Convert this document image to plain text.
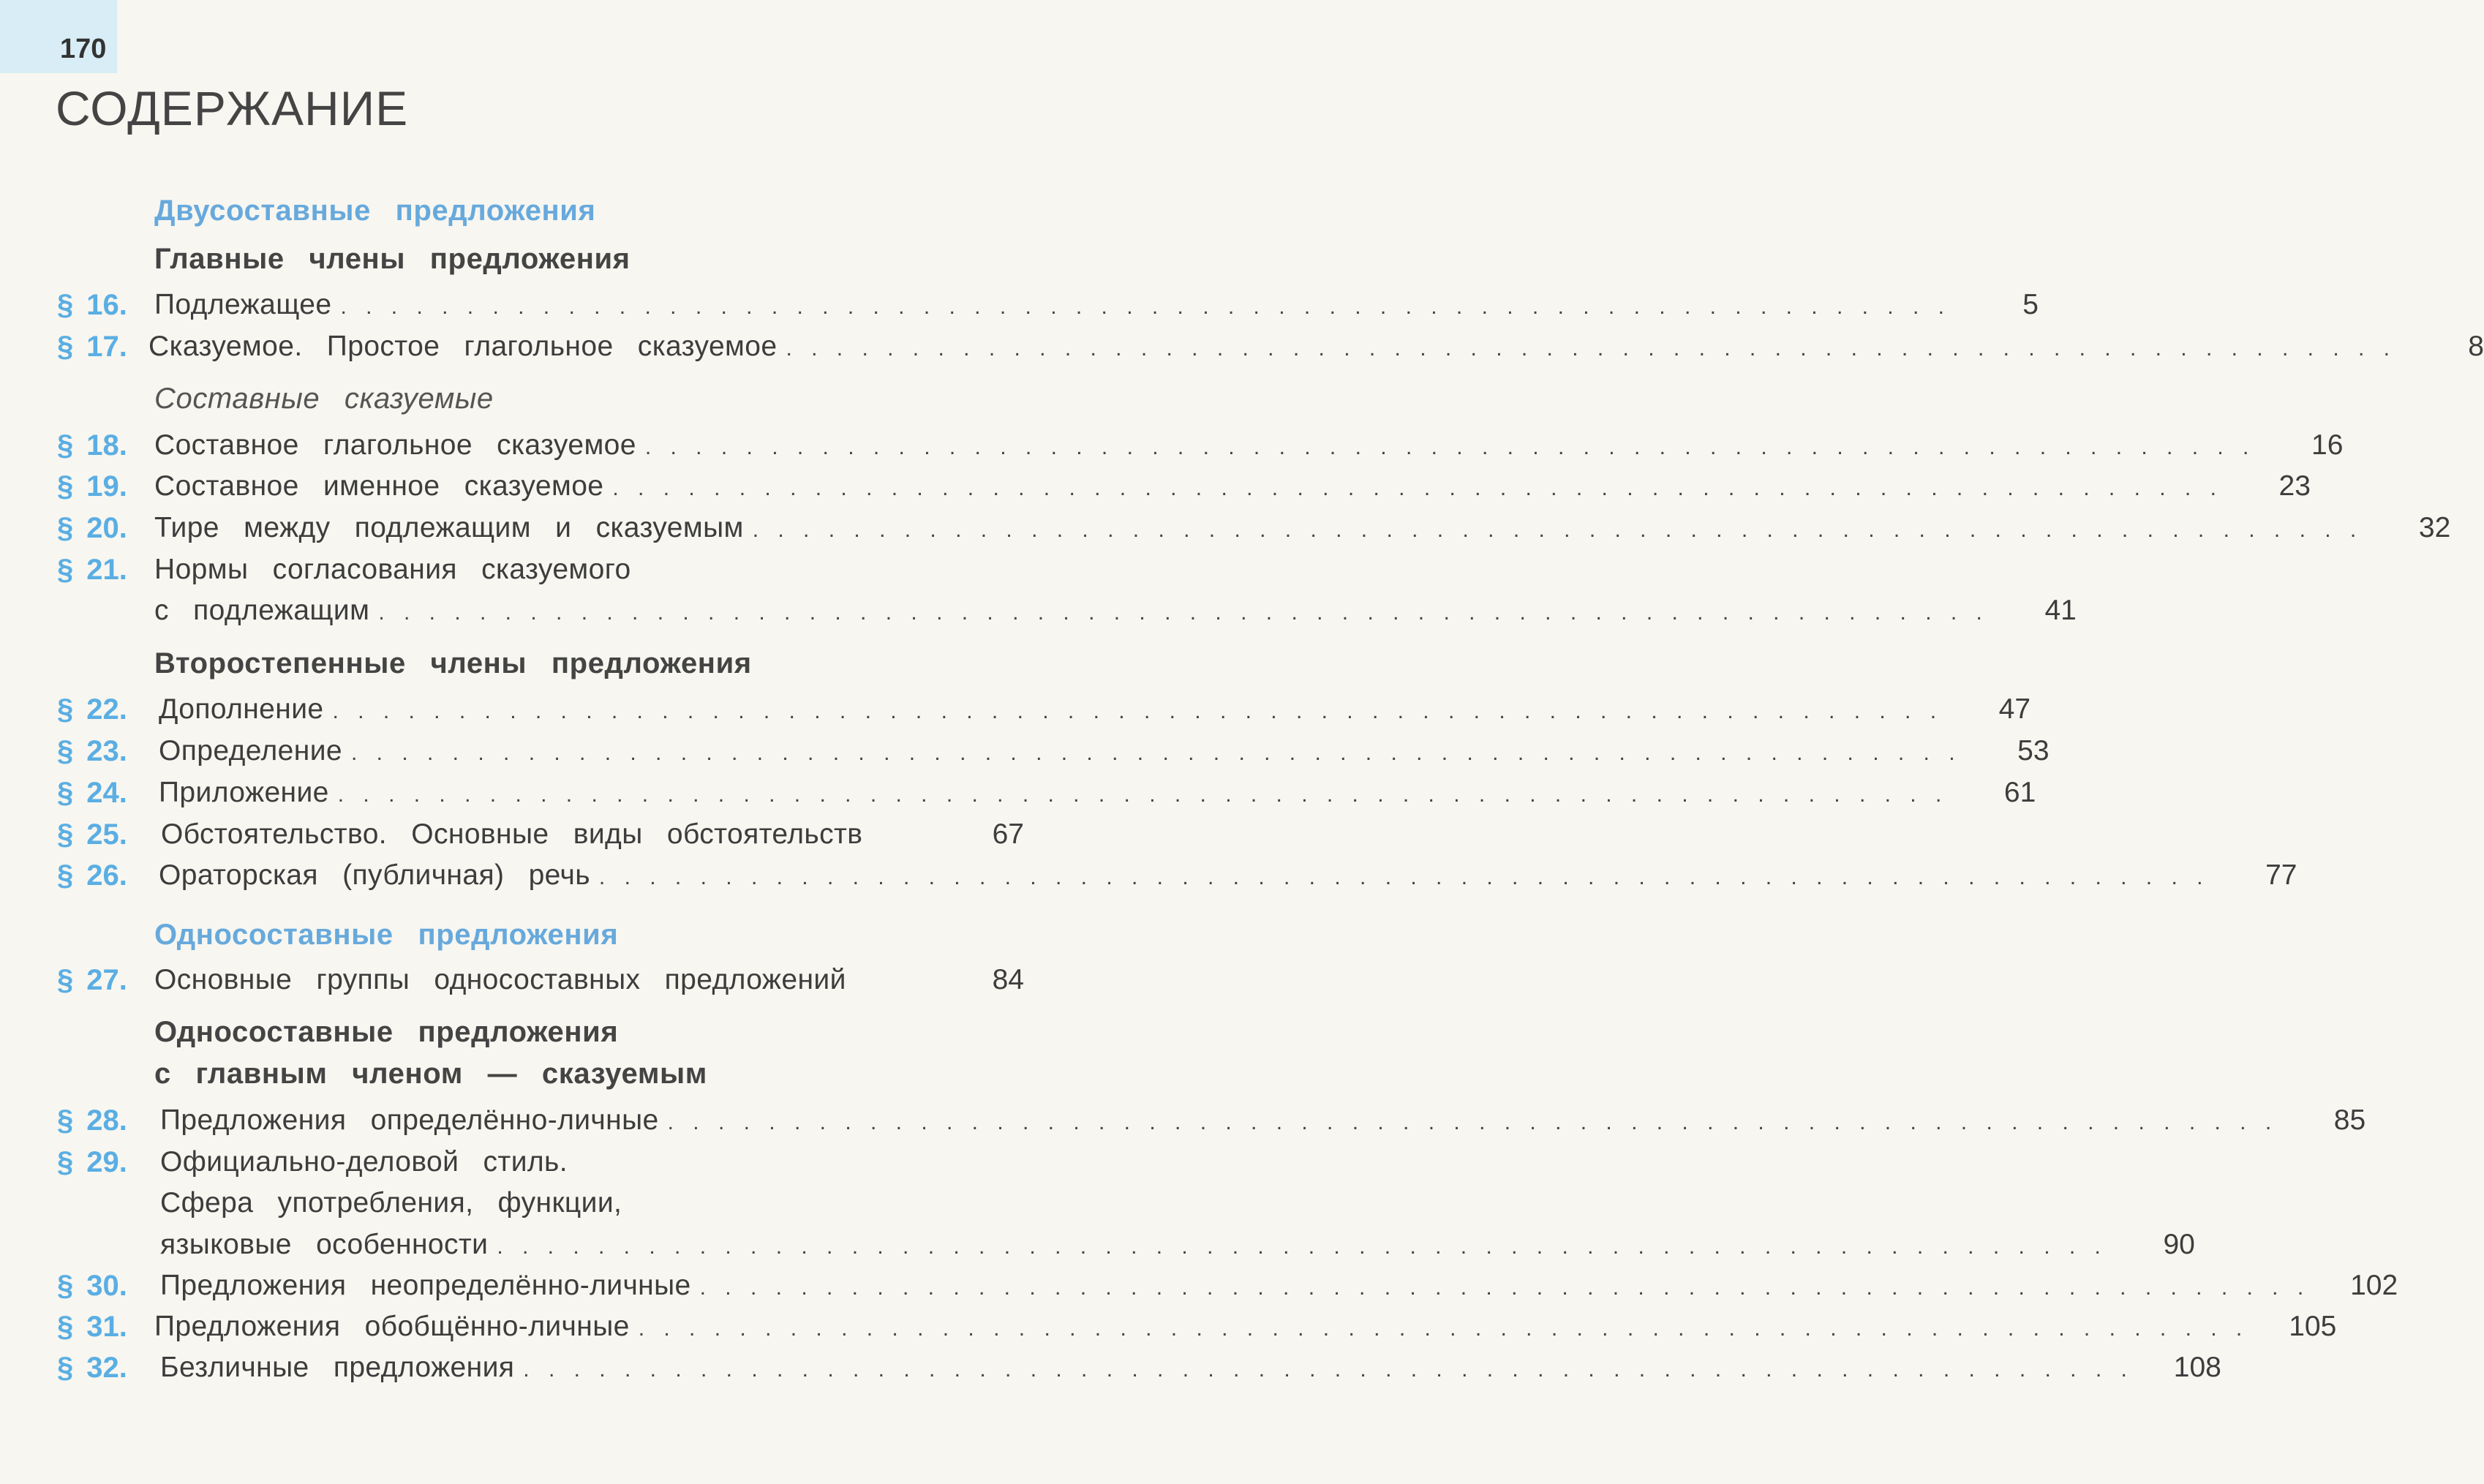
170
СОДЕРЖАНИЕ
Двусоставные предложения
Главные члены предложения
§ 16. Подлежащее . . . . . . . . . . . . . . . . . . . . . . . . . . . . . . . . . . . . . . . . . . . . . . . . . . . . . . . . . . . . . . . .	5
§ 17. Сказуемое. Простое глагольное сказуемое . . . . . . . . . . . . . . . . . . . . . . . . . . . . . . . . . . . . . . . . . . . . . . . . . . . . . . . . . . . . . . . .	8
Составные сказуемые
§ 18. Составное глагольное сказуемое . . . . . . . . . . . . . . . . . . . . . . . . . . . . . . . . . . . . . . . . . . . . . . . . . . . . . . . . . . . . . . . .	16
§ 19. Составное именное сказуемое . . . . . . . . . . . . . . . . . . . . . . . . . . . . . . . . . . . . . . . . . . . . . . . . . . . . . . . . . . . . . . . .	23
§ 20. Тире между подлежащим и сказуемым . . . . . . . . . . . . . . . . . . . . . . . . . . . . . . . . . . . . . . . . . . . . . . . . . . . . . . . . . . . . . . . .	32
§ 21. Нормы согласования сказуемого
с подлежащим . . . . . . . . . . . . . . . . . . . . . . . . . . . . . . . . . . . . . . . . . . . . . . . . . . . . . . . . . . . . . . . .	41
Второстепенные члены предложения
§ 22. Дополнение . . . . . . . . . . . . . . . . . . . . . . . . . . . . . . . . . . . . . . . . . . . . . . . . . . . . . . . . . . . . . . . .	47
§ 23. Определение . . . . . . . . . . . . . . . . . . . . . . . . . . . . . . . . . . . . . . . . . . . . . . . . . . . . . . . . . . . . . . . .	53
§ 24. Приложение . . . . . . . . . . . . . . . . . . . . . . . . . . . . . . . . . . . . . . . . . . . . . . . . . . . . . . . . . . . . . . . .	61
§ 25. Обстоятельство. Основные виды обстоятельств	67
§ 26. Ораторская (публичная) речь . . . . . . . . . . . . . . . . . . . . . . . . . . . . . . . . . . . . . . . . . . . . . . . . . . . . . . . . . . . . . . . .	77
Односоставные предложения
§ 27. Основные группы односоставных предложений	84
Односоставные предложения
с главным членом — сказуемым
§ 28. Предложения определённо-личные . . . . . . . . . . . . . . . . . . . . . . . . . . . . . . . . . . . . . . . . . . . . . . . . . . . . . . . . . . . . . . . .	85
§ 29. Официально-деловой стиль.
Сфера употребления, функции,
языковые особенности . . . . . . . . . . . . . . . . . . . . . . . . . . . . . . . . . . . . . . . . . . . . . . . . . . . . . . . . . . . . . . . .	90
§ 30. Предложения неопределённо-личные . . . . . . . . . . . . . . . . . . . . . . . . . . . . . . . . . . . . . . . . . . . . . . . . . . . . . . . . . . . . . . . .	102
§ 31. Предложения обобщённо-личные . . . . . . . . . . . . . . . . . . . . . . . . . . . . . . . . . . . . . . . . . . . . . . . . . . . . . . . . . . . . . . . .	105
§ 32. Безличные предложения . . . . . . . . . . . . . . . . . . . . . . . . . . . . . . . . . . . . . . . . . . . . . . . . . . . . . . . . . . . . . . . .	108
